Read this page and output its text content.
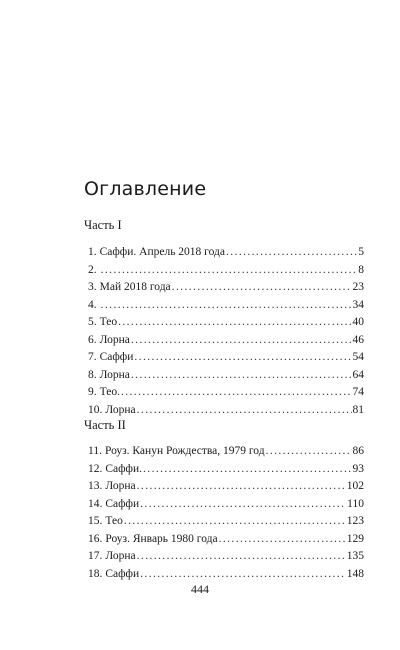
Оглавление
Часть I
1. Саффи. Апрель 2018 года .....	5
2. .....	8
3. Май 2018 года .....	23
4. .....	34
5. Тео .....	40
6. Лорна .....	46
7. Саффи .....	54
8. Лорна .....	64
9. Тео. .....	74
10. Лорна .....	81
Часть II
11. Роуз. Канун Рождества, 1979 год .....	86
12. Саффи. .....	93
13. Лорна .....	102
14. Саффи .....	110
15. Тео .....	123
16. Роуз. Январь 1980 года .....	129
17. Лорна .....	135
18. Саффи .....	148
444
